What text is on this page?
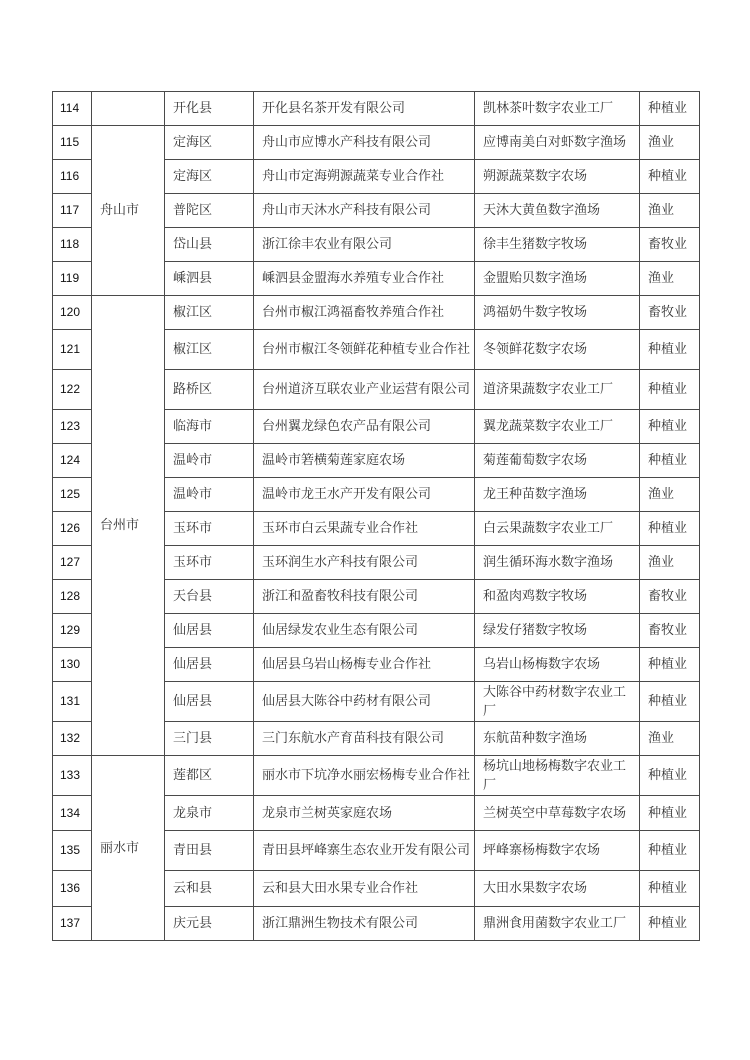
114		开化县	开化县名茶开发有限公司	凯林茶叶数字农业工厂	种植业
115	舟山市	定海区	舟山市应博水产科技有限公司	应博南美白对虾数字渔场	渔业
116		定海区	舟山市定海朔源蔬菜专业合作社	朔源蔬菜数字农场	种植业
117		普陀区	舟山市天沐水产科技有限公司	天沐大黄鱼数字渔场	渔业
118		岱山县	浙江徐丰农业有限公司	徐丰生猪数字牧场	畜牧业
119		嵊泗县	嵊泗县金盟海水养殖专业合作社	金盟贻贝数字渔场	渔业
120	台州市	椒江区	台州市椒江鸿福畜牧养殖合作社	鸿福奶牛数字牧场	畜牧业
121		椒江区	台州市椒江冬领鲜花种植专业合作社	冬领鲜花数字农场	种植业
122		路桥区	台州道济互联农业产业运营有限公司	道济果蔬数字农业工厂	种植业
123		临海市	台州翼龙绿色农产品有限公司	翼龙蔬菜数字农业工厂	种植业
124		温岭市	温岭市箬横菊莲家庭农场	菊莲葡萄数字农场	种植业
125		温岭市	温岭市龙王水产开发有限公司	龙王种苗数字渔场	渔业
126		玉环市	玉环市白云果蔬专业合作社	白云果蔬数字农业工厂	种植业
127		玉环市	玉环润生水产科技有限公司	润生循环海水数字渔场	渔业
128		天台县	浙江和盈畜牧科技有限公司	和盈肉鸡数字牧场	畜牧业
129		仙居县	仙居绿发农业生态有限公司	绿发仔猪数字牧场	畜牧业
130		仙居县	仙居县乌岩山杨梅专业合作社	乌岩山杨梅数字农场	种植业
131		仙居县	仙居县大陈谷中药材有限公司	大陈谷中药材数字农业工厂	种植业
132		三门县	三门东航水产育苗科技有限公司	东航苗种数字渔场	渔业
133	丽水市	莲都区	丽水市下坑净水丽宏杨梅专业合作社	杨坑山地杨梅数字农业工厂	种植业
134		龙泉市	龙泉市兰树英家庭农场	兰树英空中草莓数字农场	种植业
135		青田县	青田县坪峰寨生态农业开发有限公司	坪峰寨杨梅数字农场	种植业
136		云和县	云和县大田水果专业合作社	大田水果数字农场	种植业
137		庆元县	浙江鼎洲生物技术有限公司	鼎洲食用菌数字农业工厂	种植业
